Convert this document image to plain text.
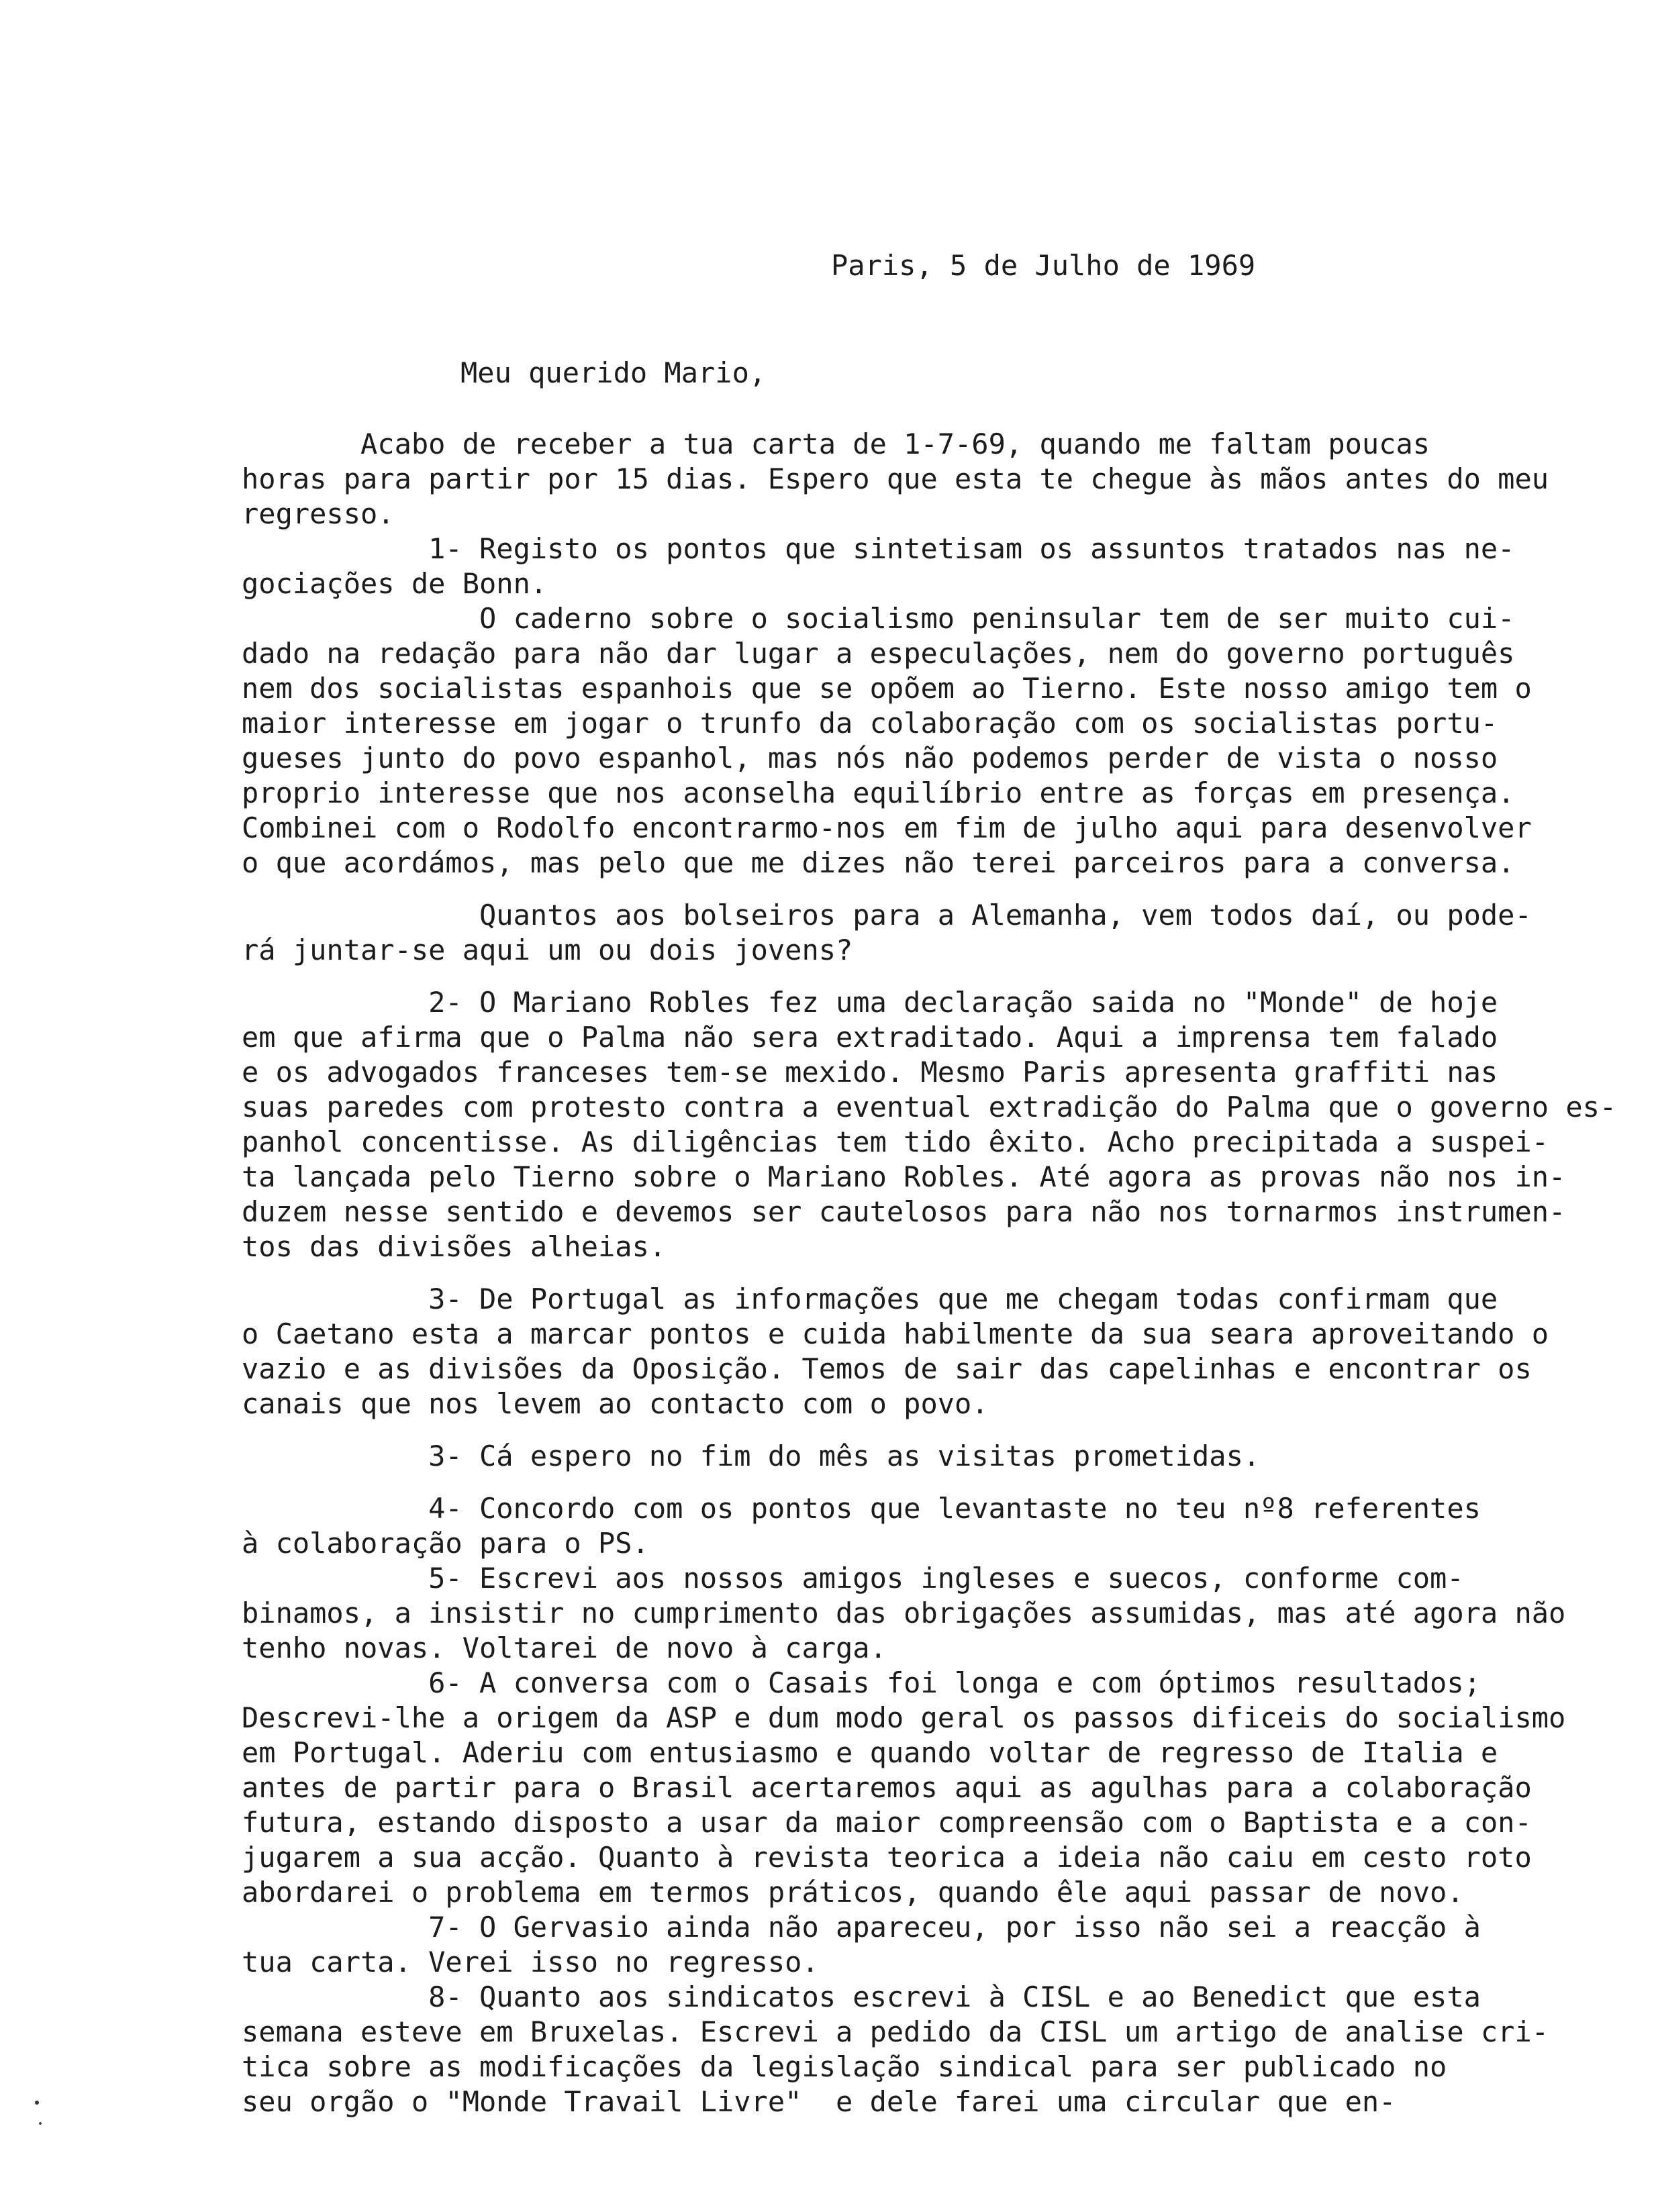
Paris, 5 de Julho de 1969
Meu querido Mario,
Acabo de receber a tua carta de 1-7-69, quando me faltam poucas
horas para partir por 15 dias. Espero que esta te chegue às mãos antes do meu
regresso.
1- Registo os pontos que sintetisam os assuntos tratados nas ne-
gociações de Bonn.
O caderno sobre o socialismo peninsular tem de ser muito cui-
dado na redação para não dar lugar a especulações, nem do governo português
nem dos socialistas espanhois que se opõem ao Tierno. Este nosso amigo tem o
maior interesse em jogar o trunfo da colaboração com os socialistas portu-
gueses junto do povo espanhol, mas nós não podemos perder de vista o nosso
proprio interesse que nos aconselha equilíbrio entre as forças em presença.
Combinei com o Rodolfo encontrarmo-nos em fim de julho aqui para desenvolver
o que acordámos, mas pelo que me dizes não terei parceiros para a conversa.
Quantos aos bolseiros para a Alemanha, vem todos daí, ou pode-
rá juntar-se aqui um ou dois jovens?
2- O Mariano Robles fez uma declaração saida no "Monde" de hoje
em que afirma que o Palma não sera extraditado. Aqui a imprensa tem falado
e os advogados franceses tem-se mexido. Mesmo Paris apresenta graffiti nas
suas paredes com protesto contra a eventual extradição do Palma que o governo es-
panhol concentisse. As diligências tem tido êxito. Acho precipitada a suspei-
ta lançada pelo Tierno sobre o Mariano Robles. Até agora as provas não nos in-
duzem nesse sentido e devemos ser cautelosos para não nos tornarmos instrumen-
tos das divisões alheias.
3- De Portugal as informações que me chegam todas confirmam que
o Caetano esta a marcar pontos e cuida habilmente da sua seara aproveitando o
vazio e as divisões da Oposição. Temos de sair das capelinhas e encontrar os
canais que nos levem ao contacto com o povo.
3- Cá espero no fim do mês as visitas prometidas.
4- Concordo com os pontos que levantaste no teu nº8 referentes
à colaboração para o PS.
5- Escrevi aos nossos amigos ingleses e suecos, conforme com-
binamos, a insistir no cumprimento das obrigações assumidas, mas até agora não
tenho novas. Voltarei de novo à carga.
6- A conversa com o Casais foi longa e com óptimos resultados;
Descrevi-lhe a origem da ASP e dum modo geral os passos dificeis do socialismo
em Portugal. Aderiu com entusiasmo e quando voltar de regresso de Italia e
antes de partir para o Brasil acertaremos aqui as agulhas para a colaboração
futura, estando disposto a usar da maior compreensão com o Baptista e a con-
jugarem a sua acção. Quanto à revista teorica a ideia não caiu em cesto roto
abordarei o problema em termos práticos, quando êle aqui passar de novo.
7- O Gervasio ainda não apareceu, por isso não sei a reacção à
tua carta. Verei isso no regresso.
8- Quanto aos sindicatos escrevi à CISL e ao Benedict que esta
semana esteve em Bruxelas. Escrevi a pedido da CISL um artigo de analise cri-
tica sobre as modificações da legislação sindical para ser publicado no
seu orgão o "Monde Travail Livre"  e dele farei uma circular que en-
